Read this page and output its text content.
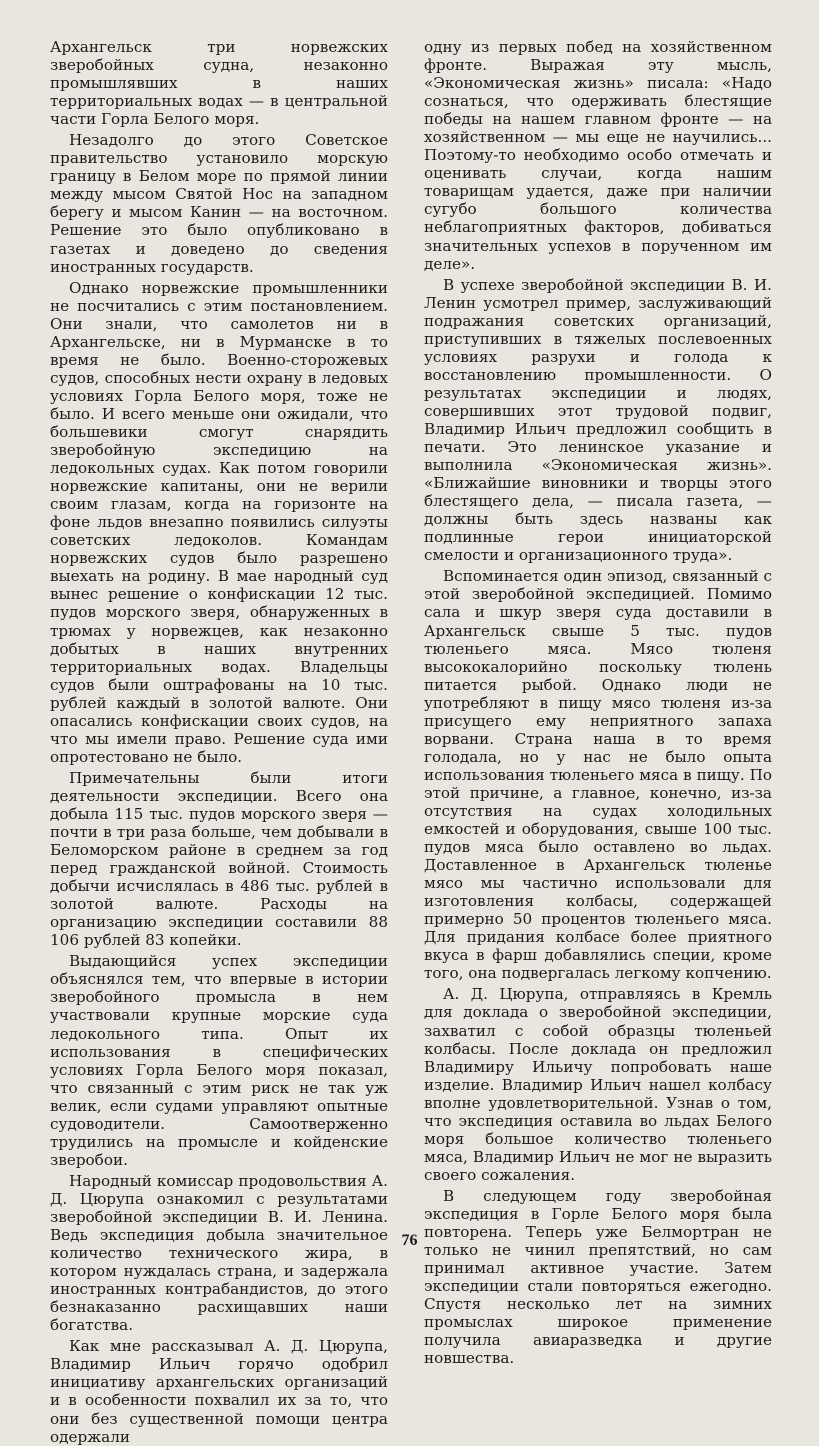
Архангельск три норвежских зверобойных судна, незаконно промышлявших в наших территориальных водах — в центральной части Горла Белого моря.

Незадолго до этого Советское правительство установило морскую границу в Белом море по прямой линии между мысом Святой Нос на западном берегу и мысом Канин — на восточном. Решение это было опубликовано в газетах и доведено до сведения иностранных государств.

Однако норвежские промышленники не посчитались с этим постановлением. Они знали, что самолетов ни в Архангельске, ни в Мурманске в то время не было. Военно-сторожевых судов, способных нести охрану в ледовых условиях Горла Белого моря, тоже не было. И всего меньше они ожидали, что большевики смогут снарядить зверобойную экспедицию на ледокольных судах. Как потом говорили норвежские капитаны, они не верили своим глазам, когда на горизонте на фоне льдов внезапно появились силуэты советских ледоколов. Командам норвежских судов было разрешено выехать на родину. В мае народный суд вынес решение о конфискации 12 тыс. пудов морского зверя, обнаруженных в трюмах у норвежцев, как незаконно добытых в наших внутренних территориальных водах. Владельцы судов были оштрафованы на 10 тыс. рублей каждый в золотой валюте. Они опасались конфискации своих судов, на что мы имели право. Решение суда ими опротестовано не было.

Примечательны были итоги деятельности экспедиции. Всего она добыла 115 тыс. пудов морского зверя — почти в три раза больше, чем добывали в Беломорском районе в среднем за год перед гражданской войной. Стоимость добычи исчислялась в 486 тыс. рублей в золотой валюте. Расходы на организацию экспедиции составили 88 106 рублей 83 копейки.

Выдающийся успех экспедиции объяснялся тем, что впервые в истории зверобойного промысла в нем участвовали крупные морские суда ледокольного типа. Опыт их использования в специфических условиях Горла Белого моря показал, что связанный с этим риск не так уж велик, если судами управляют опытные судоводители. Самоотверженно трудились на промысле и койденские зверобои.

Народный комиссар продовольствия А. Д. Цюрупа ознакомил с результатами зверобойной экспедиции В. И. Ленина. Ведь экспедиция добыла значительное количество технического жира, в котором нуждалась страна, и задержала иностранных контрабандистов, до этого безнаказанно расхищавших наши богатства.

Как мне рассказывал А. Д. Цюрупа, Владимир Ильич горячо одобрил инициативу архангельских организаций и в особенности похвалил их за то, что они без существенной помощи центра одержали

одну из первых побед на хозяйственном фронте. Выражая эту мысль, «Экономическая жизнь» писала: «Надо сознаться, что одерживать блестящие победы на нашем главном фронте — на хозяйственном — мы еще не научились... Поэтому-то необходимо особо отмечать и оценивать случаи, когда нашим товарищам удается, даже при наличии сугубо большого количества неблагоприятных факторов, добиваться значительных успехов в порученном им деле».

В успехе зверобойной экспедиции В. И. Ленин усмотрел пример, заслуживающий подражания советских организаций, приступивших в тяжелых послевоенных условиях разрухи и голода к восстановлению промышленности. О результатах экспедиции и людях, совершивших этот трудовой подвиг, Владимир Ильич предложил сообщить в печати. Это ленинское указание и выполнила «Экономическая жизнь». «Ближайшие виновники и творцы этого блестящего дела, — писала газета, — должны быть здесь названы как подлинные герои инициаторской смелости и организационного труда».

Вспоминается один эпизод, связанный с этой зверобойной экспедицией. Помимо сала и шкур зверя суда доставили в Архангельск свыше 5 тыс. пудов тюленьего мяса. Мясо тюленя высококалорийно поскольку тюлень питается рыбой. Однако люди не употребляют в пищу мясо тюленя из-за присущего ему неприятного запаха ворвани. Страна наша в то время голодала, но у нас не было опыта использования тюленьего мяса в пищу. По этой причине, а главное, конечно, из-за отсутствия на судах холодильных емкостей и оборудования, свыше 100 тыс. пудов мяса было оставлено во льдах. Доставленное в Архангельск тюленье мясо мы частично использовали для изготовления колбасы, содержащей примерно 50 процентов тюленьего мяса. Для придания колбасе более приятного вкуса в фарш добавлялись специи, кроме того, она подвергалась легкому копчению.

А. Д. Цюрупа, отправляясь в Кремль для доклада о зверобойной экспедиции, захватил с собой образцы тюленьей колбасы. После доклада он предложил Владимиру Ильичу попробовать наше изделие. Владимир Ильич нашел колбасу вполне удовлетворительной. Узнав о том, что экспедиция оставила во льдах Белого моря большое количество тюленьего мяса, Владимир Ильич не мог не выразить своего сожаления.

В следующем году зверобойная экспедиция в Горле Белого моря была повторена. Теперь уже Белмортран не только не чинил препятствий, но сам принимал активное участие. Затем экспедиции стали повторяться ежегодно. Спустя несколько лет на зимних промыслах широкое применение получила авиаразведка и другие новшества.

76
